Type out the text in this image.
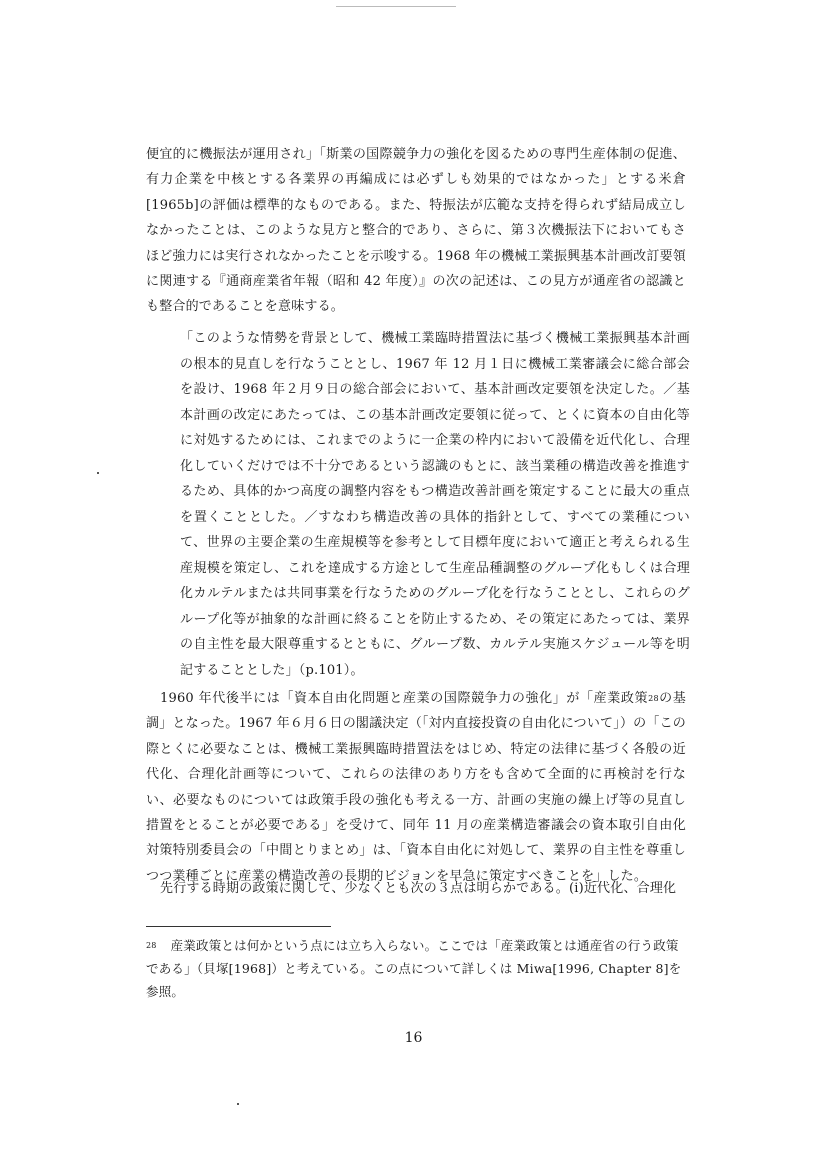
便宜的に機振法が運用され」「斯業の国際競争力の強化を図るための専門生産体制の促進、有力企業を中核とする各業界の再編成には必ずしも効果的ではなかった」とする米倉[1965b]の評価は標準的なものである。また、特振法が広範な支持を得られず結局成立しなかったことは、このような見方と整合的であり、さらに、第３次機振法下においてもさほど強力には実行されなかったことを示唆する。1968 年の機械工業振興基本計画改訂要領に関連する『通商産業省年報（昭和 42 年度）』の次の記述は、この見方が通産省の認識とも整合的であることを意味する。

「このような情勢を背景として、機械工業臨時措置法に基づく機械工業振興基本計画の根本的見直しを行なうこととし、1967 年 12 月１日に機械工業審議会に総合部会を設け、1968 年２月９日の総合部会において、基本計画改定要領を決定した。／基本計画の改定にあたっては、この基本計画改定要領に従って、とくに資本の自由化等に対処するためには、これまでのように一企業の枠内において設備を近代化し、合理化していくだけでは不十分であるという認識のもとに、該当業種の構造改善を推進するため、具体的かつ高度の調整内容をもつ構造改善計画を策定することに最大の重点を置くこととした。／すなわち構造改善の具体的指針として、すべての業種について、世界の主要企業の生産規模等を参考として目標年度において適正と考えられる生産規模を策定し、これを達成する方途として生産品種調整のグループ化もしくは合理化カルテルまたは共同事業を行なうためのグループ化を行なうこととし、これらのグループ化等が抽象的な計画に終ることを防止するため、その策定にあたっては、業界の自主性を最大限尊重するとともに、グループ数、カルテル実施スケジュール等を明記することとした」（p.101）。

1960 年代後半には「資本自由化問題と産業の国際競争力の強化」が「産業政策$^{28}$の基調」となった。1967 年６月６日の閣議決定（「対内直接投資の自由化について」）の「この際とくに必要なことは、機械工業振興臨時措置法をはじめ、特定の法律に基づく各般の近代化、合理化計画等について、これらの法律のあり方をも含めて全面的に再検討を行ない、必要なものについては政策手段の強化も考える一方、計画の実施の繰上げ等の見直し措置をとることが必要である」を受けて、同年 11 月の産業構造審議会の資本取引自由化対策特別委員会の「中間とりまとめ」は、「資本自由化に対処して、業界の自主性を尊重しつつ業種ごとに産業の構造改善の長期的ビジョンを早急に策定すべきことを」した。

先行する時期の政策に関して、少なくとも次の３点は明らかである。(i)近代化、合理化

$^{28}$ 産業政策とは何かという点には立ち入らない。ここでは「産業政策とは通産省の行う政策である」（貝塚[1968]）と考えている。この点について詳しくは Miwa[1996, Chapter 8]を参照。

16
